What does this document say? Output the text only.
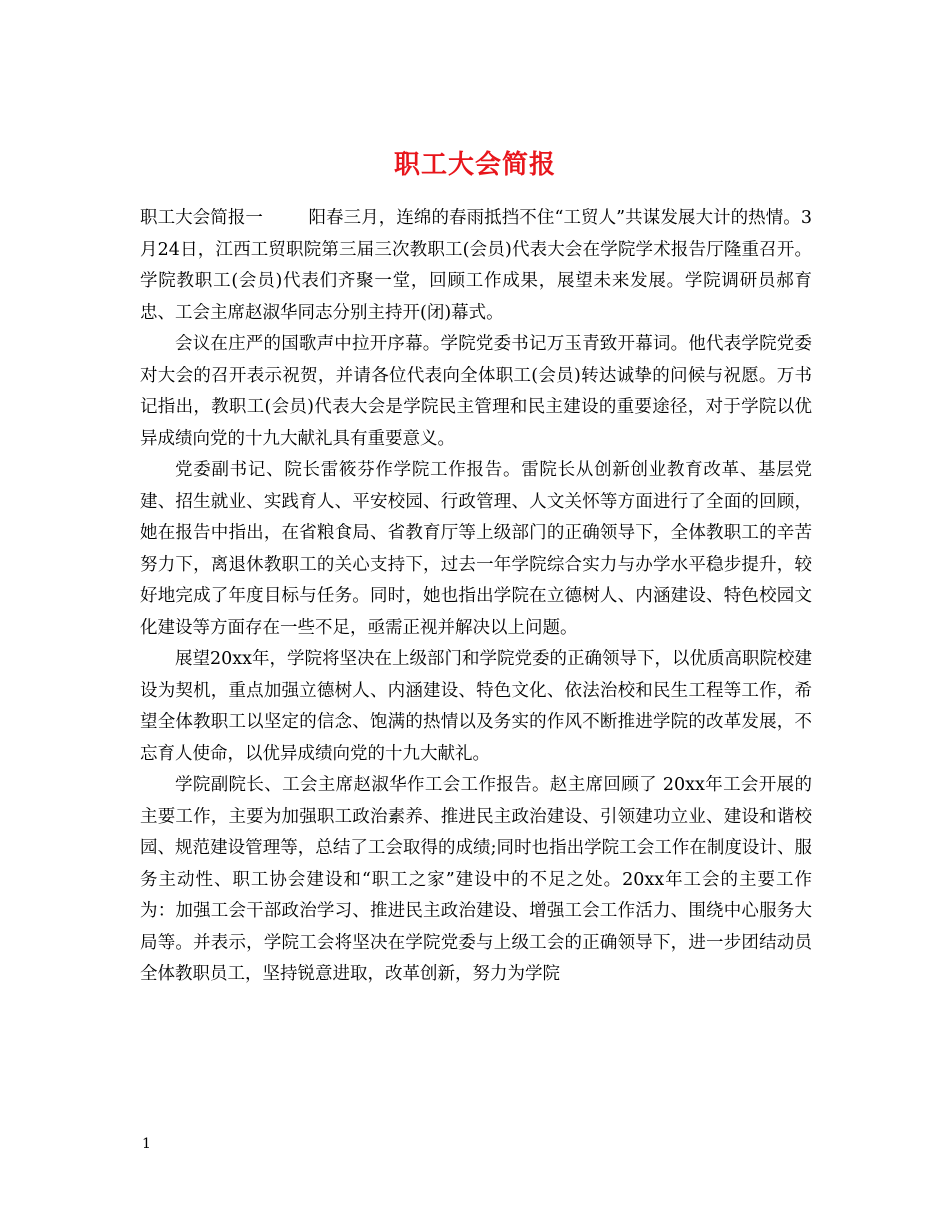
职工大会简报

职工大会简报一	阳春三月，连绵的春雨抵挡不住“工贸人”共谋发展大计的热情。3月24日，江西工贸职院第三届三次教职工(会员)代表大会在学院学术报告厅隆重召开。学院教职工(会员)代表们齐聚一堂，回顾工作成果，展望未来发展。学院调研员郝育忠、工会主席赵淑华同志分别主持开(闭)幕式。

会议在庄严的国歌声中拉开序幕。学院党委书记万玉青致开幕词。他代表学院党委对大会的召开表示祝贺，并请各位代表向全体职工(会员)转达诚挚的问候与祝愿。万书记指出，教职工(会员)代表大会是学院民主管理和民主建设的重要途径，对于学院以优异成绩向党的十九大献礼具有重要意义。

党委副书记、院长雷筱芬作学院工作报告。雷院长从创新创业教育改革、基层党建、招生就业、实践育人、平安校园、行政管理、人文关怀等方面进行了全面的回顾，她在报告中指出，在省粮食局、省教育厅等上级部门的正确领导下，全体教职工的辛苦努力下，离退休教职工的关心支持下，过去一年学院综合实力与办学水平稳步提升，较好地完成了年度目标与任务。同时，她也指出学院在立德树人、内涵建设、特色校园文化建设等方面存在一些不足，亟需正视并解决以上问题。

展望20xx年，学院将坚决在上级部门和学院党委的正确领导下，以优质高职院校建设为契机，重点加强立德树人、内涵建设、特色文化、依法治校和民生工程等工作，希望全体教职工以坚定的信念、饱满的热情以及务实的作风不断推进学院的改革发展，不忘育人使命，以优异成绩向党的十九大献礼。

学院副院长、工会主席赵淑华作工会工作报告。赵主席回顾了 20xx年工会开展的主要工作，主要为加强职工政治素养、推进民主政治建设、引领建功立业、建设和谐校园、规范建设管理等，总结了工会取得的成绩;同时也指出学院工会工作在制度设计、服务主动性、职工协会建设和“职工之家”建设中的不足之处。20xx年工会的主要工作为：加强工会干部政治学习、推进民主政治建设、增强工会工作活力、围绕中心服务大局等。并表示，学院工会将坚决在学院党委与上级工会的正确领导下，进一步团结动员全体教职员工，坚持锐意进取，改革创新，努力为学院

1
